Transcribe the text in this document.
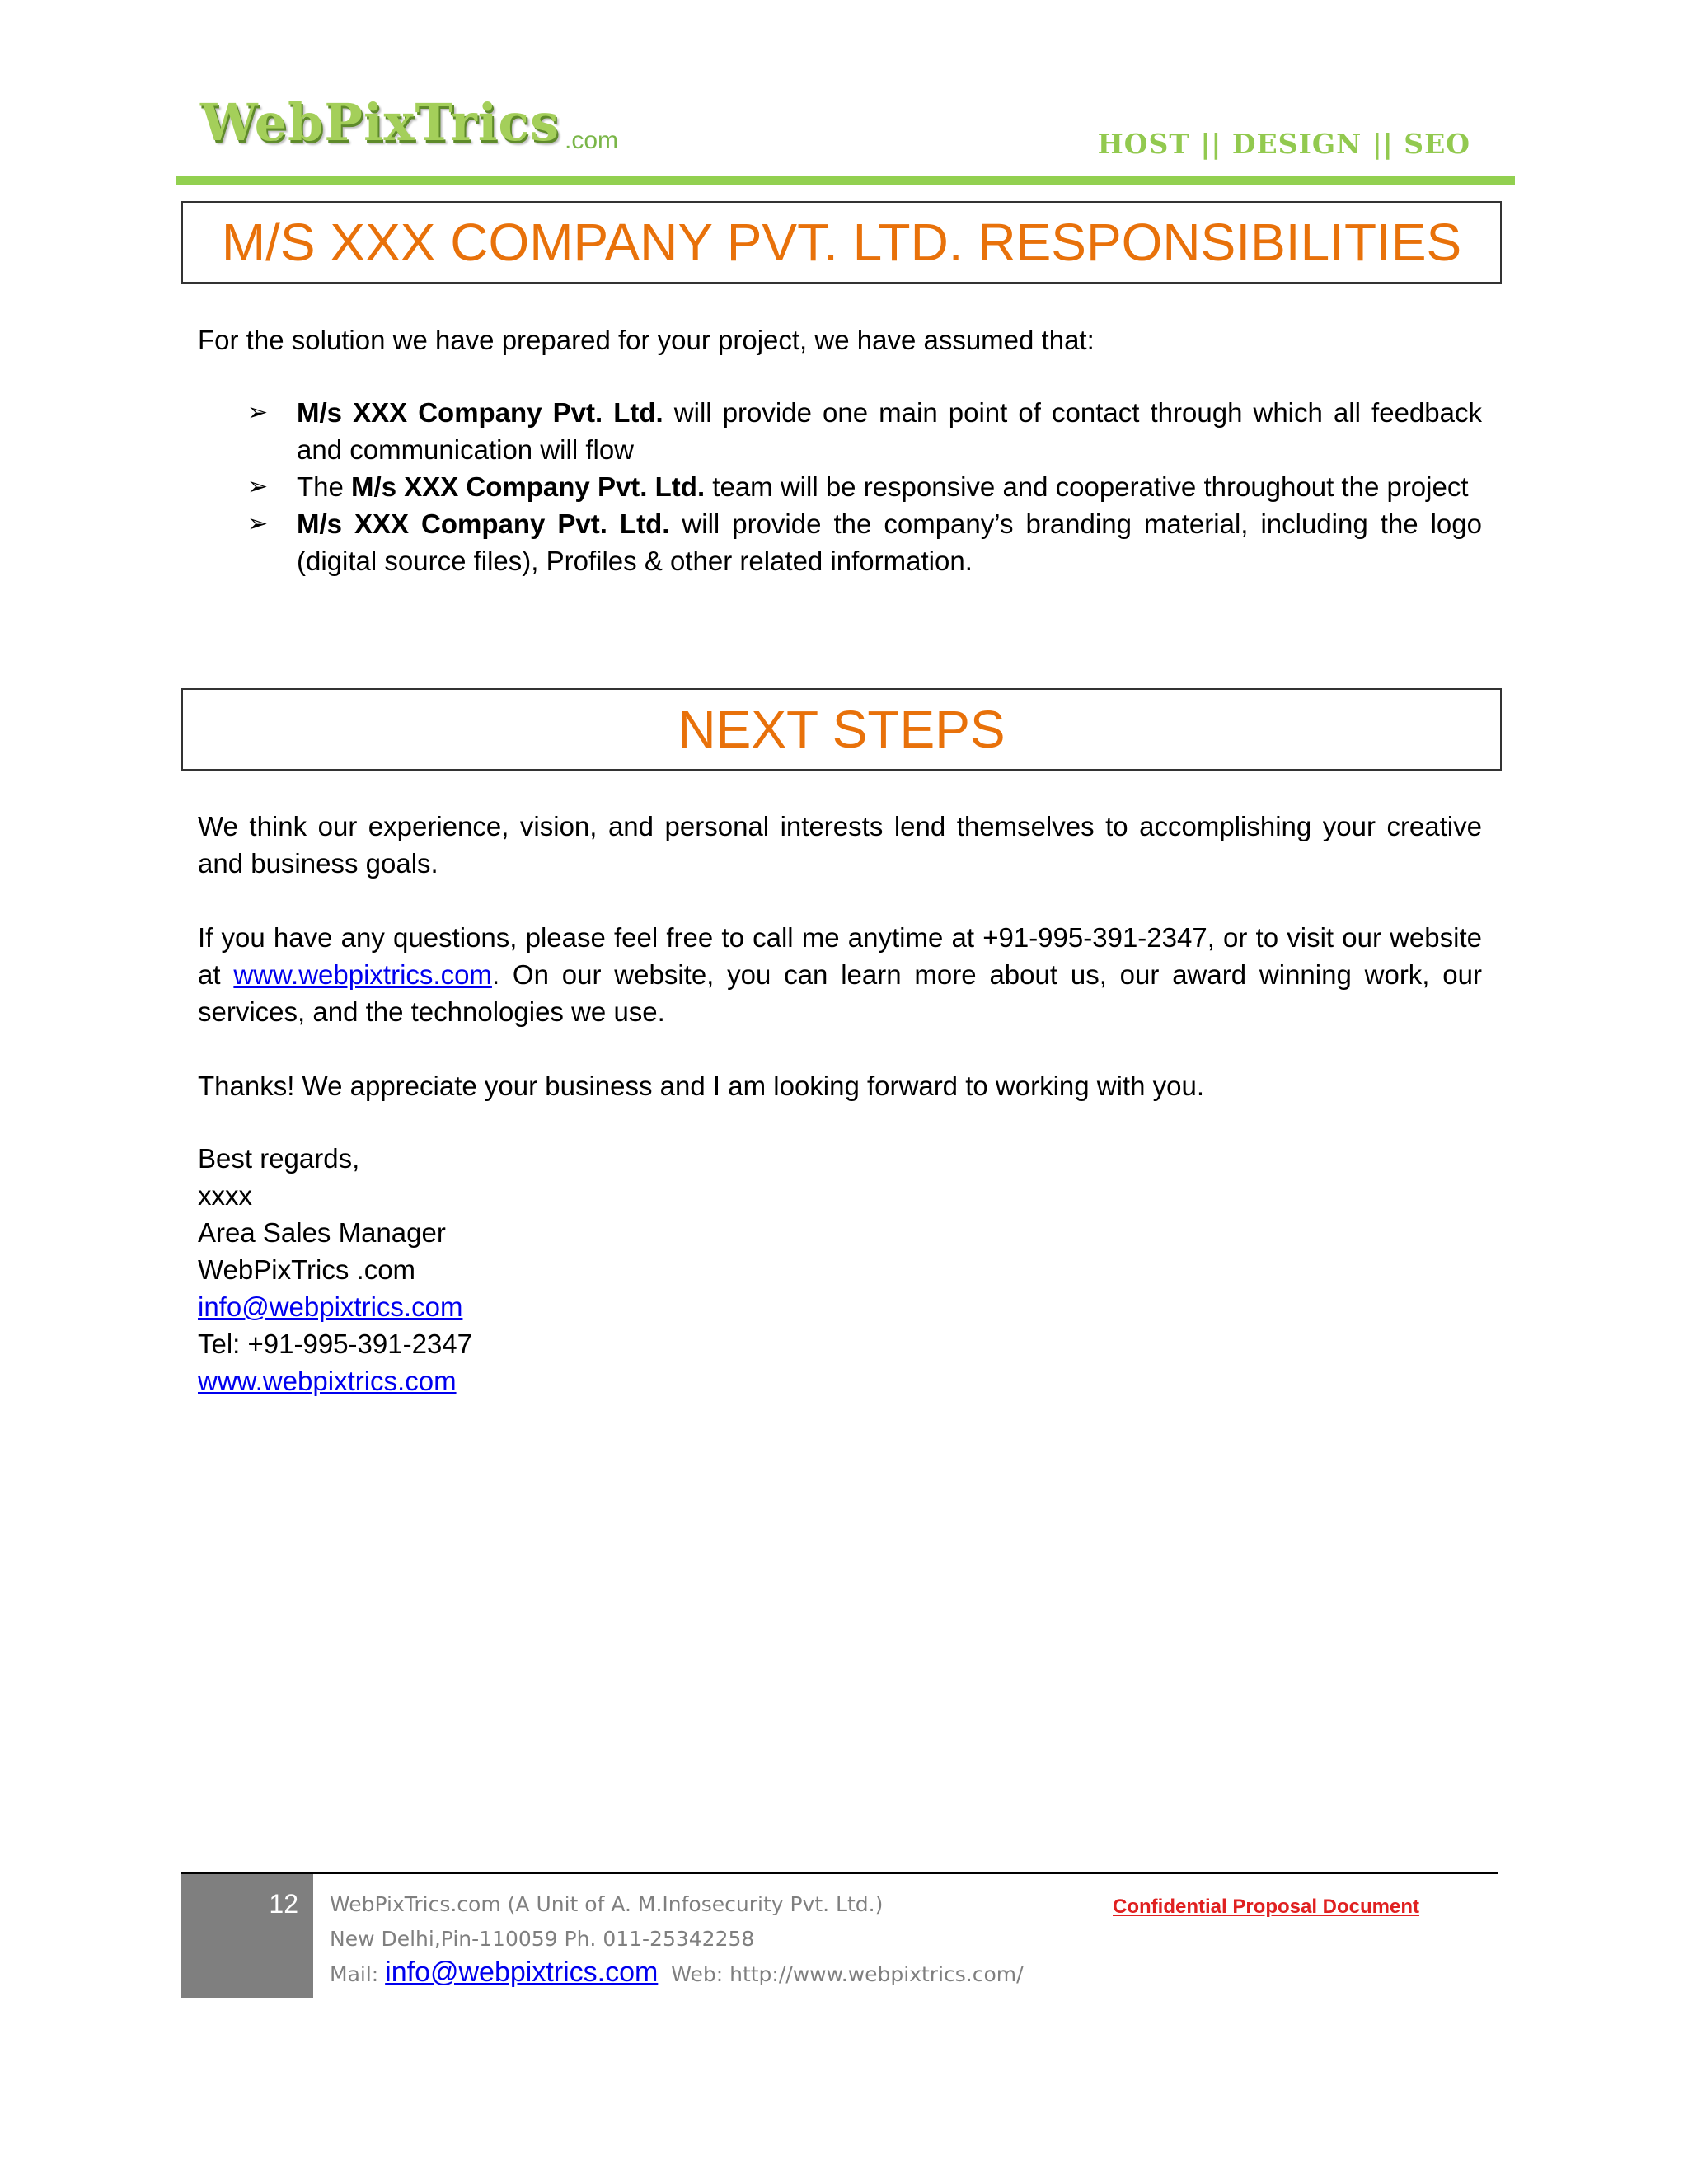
WebPixTrics .com	HOST || DESIGN || SEO
M/S XXX COMPANY PVT. LTD. RESPONSIBILITIES
For the solution we have prepared for your project, we have assumed that:
➢ M/s XXX Company Pvt. Ltd. will provide one main point of contact through which all feedback and communication will flow
➢ The M/s XXX Company Pvt. Ltd. team will be responsive and cooperative throughout the project
➢ M/s XXX Company Pvt. Ltd. will provide the company’s branding material, including the logo (digital source files), Profiles & other related information.
NEXT STEPS
We think our experience, vision, and personal interests lend themselves to accomplishing your creative and business goals.
If you have any questions, please feel free to call me anytime at +91-995-391-2347, or to visit our website at www.webpixtrics.com. On our website, you can learn more about us, our award winning work, our services, and the technologies we use.
Thanks! We appreciate your business and I am looking forward to working with you.
Best regards,
xxxx
Area Sales Manager
WebPixTrics .com
info@webpixtrics.com
Tel: +91-995-391-2347
www.webpixtrics.com
12	WebPixTrics.com (A Unit of A. M.Infosecurity Pvt. Ltd.)
New Delhi,Pin-110059 Ph. 011-25342258
Mail: info@webpixtrics.com Web: http://www.webpixtrics.com/
Confidential Proposal Document
